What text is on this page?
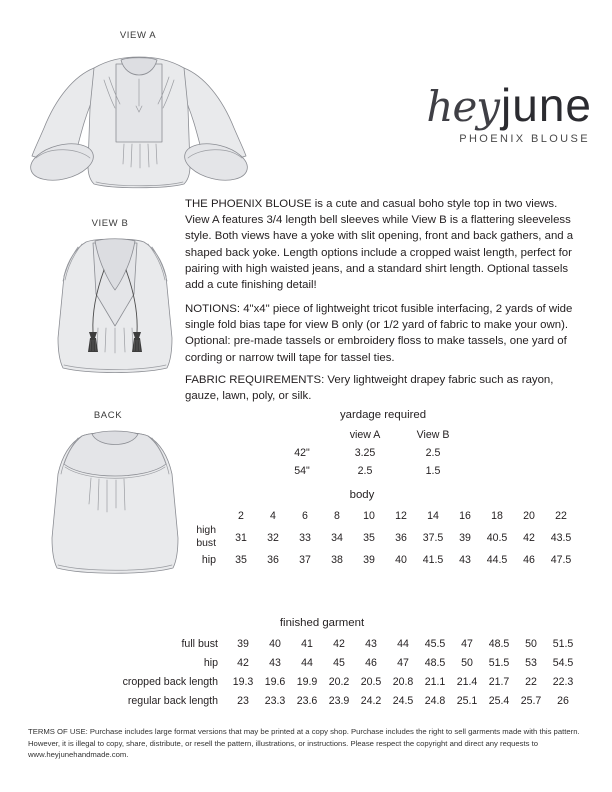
VIEW A
VIEW B
BACK
hey june
PHOENIX BLOUSE
THE PHOENIX BLOUSE is a cute and casual boho style top in two views. View A features 3/4 length bell sleeves while View B is a flattering sleeveless style. Both views have a yoke with slit opening, front and back gathers, and a shaped back yoke. Length options include a cropped waist length, perfect for pairing with high waisted jeans, and a standard shirt length. Optional tassels add a cute finishing detail!
NOTIONS: 4"x4" piece of lightweight tricot fusible interfacing, 2 yards of wide single fold bias tape for view B only (or 1/2 yard of fabric to make your own). Optional: pre-made tassels or embroidery floss to make tassels, one yard of cording or narrow twill tape for tassel ties.
FABRIC REQUIREMENTS: Very lightweight drapey fabric such as rayon, gauze, lawn, poly, or silk.
yardage required
	view A	View B
42"	3.25	2.5
54"	2.5	1.5
body
	2	4	6	8	10	12	14	16	18	20	22
high
bust	31	32	33	34	35	36	37.5	39	40.5	42	43.5
hip	35	36	37	38	39	40	41.5	43	44.5	46	47.5
finished garment
full bust	39	40	41	42	43	44	45.5	47	48.5	50	51.5
hip	42	43	44	45	46	47	48.5	50	51.5	53	54.5
cropped back length	19.3	19.6	19.9	20.2	20.5	20.8	21.1	21.4	21.7	22	22.3
regular back length	23	23.3	23.6	23.9	24.2	24.5	24.8	25.1	25.4	25.7	26
TERMS OF USE: Purchase includes large format versions that may be printed at a copy shop. Purchase includes the right to sell garments made with this pattern. However, it is illegal to copy, share, distribute, or resell the pattern, illustrations, or instructions. Please respect the copyright and direct any requests to www.heyjunehandmade.com.
